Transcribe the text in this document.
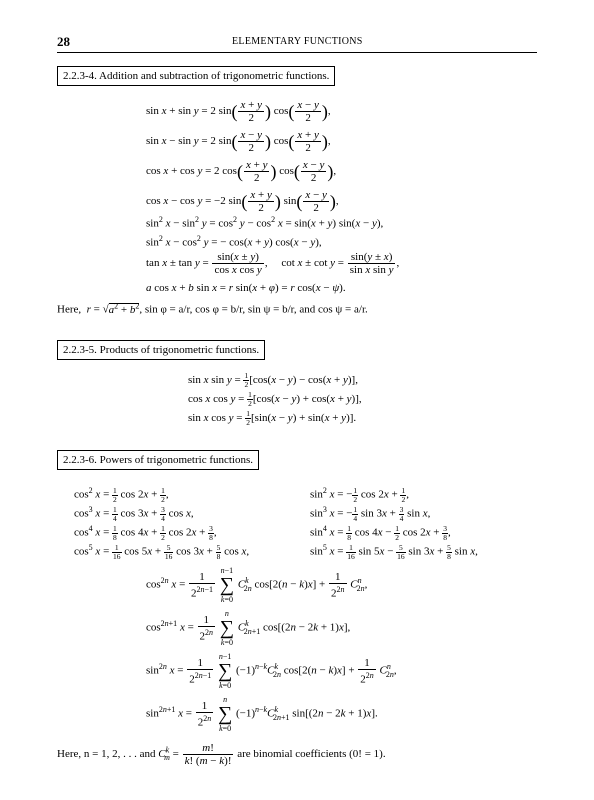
28	ELEMENTARY FUNCTIONS
2.2.3-4. Addition and subtraction of trigonometric functions.
sin x + sin y = 2 $\sin( \frac{x + y}{2}$ ) $\cos( \frac{x - y}{2}$ ),
sin x − sin y = 2 $\sin( \frac{x - y}{2}$ ) $\cos( \frac{x + y}{2}$ ),
cos x + cos y = 2 $\cos( \frac{x + y}{2}$ ) $\cos( \frac{x - y}{2}$ ),
cos x − cos y = −2 $\sin( \frac{x + y}{2}$ ) $\sin( \frac{x - y}{2}$ ),
$\sin^2 x - \sin^2 y = \cos^2 y - \cos^2 x = \sin(x + y) \sin(x - y)$,
$\sin^2 x - \cos^2 y$ = − cos(x + y) cos(x − y),
$\tan x \pm \tan y = \frac{\sin(x \pm y)}{\text{cos x cos y}}$ ,     $\cot x \pm \cot y = \frac{\sin(y \pm x)}{\text{sin x sin y}}$ ,
a cos x + b sin x = r sin(x + φ) = r cos(x − ψ).
Here, $r = √a^2 + b^2$, sin φ = a/r, cos φ = b/r, sin ψ = b/r, and cos ψ = a/r.
2.2.3-5. Products of trigonometric functions.
sin x $\sin y = \frac{1}{2} [\cos(x - y) - \cos(x + y)]$,
cos x $\cos y = \frac{1}{2} [\cos(x - y) + \cos(x + y)]$,
sin x $\cos y = \frac{1}{2} [\sin(x - y) + \sin(x + y)]$.
2.2.3-6. Powers of trigonometric functions.
$\cos^2 x = \frac{1}{2}$ $\cos 2x + \frac{1}{2}$ ,	$\sin^2 x$ = − $\frac{1}{2}$ $\cos 2x + \frac{1}{2}$ ,
$\cos^3 x = \frac{1}{4}$ $\cos 3x + \frac{3}{4}$ cos x,	$\sin^3 x$ = − $\frac{1}{4}$ $\sin 3x + \frac{3}{4}$ sin x,
$\cos^4 x = \frac{1}{8}$ $\cos 4x + \frac{1}{2}$ $\cos 2x + \frac{3}{8}$ ,	$\sin^4 x = \frac{1}{8}$ $\cos 4x - \frac{1}{2}$ $\cos 2x + \frac{3}{8}$ ,
$\cos^5 x = \frac{1}{16}$ $\cos 5x + \frac{5}{16}$ $\cos 3x + \frac{5}{8}$ cos x,	$\sin^5 x = \frac{1}{16}$ $\sin 5x - \frac{5}{16}$ $\sin 3x + \frac{5}{8}$ sin x,
$\cos^{2n} x = \frac{1}{2^{2n-1}}$
n−1
∑
k=0 $C^k_{2n}$ $\cos[2(n - k)x] + \frac{1}{2^{2n}} C^n_{2n}$,
$\cos^{2n+1} x = \frac{1}{2^{2n}}$
n
∑
k=0 $C^k_{2n+1}$ cos[(2n − 2k + 1)x],
$\sin^{2n} x = \frac{1}{2^{2n-1}}$
n−1
∑
k=0 $(-1)^{n-k}C^k_{2n}$ $\cos[2(n - k)x] + \frac{1}{2^{2n}} C^n_{2n}$,
$\sin^{2n+1} x = \frac{1}{2^{2n}}$
n
∑
k=0 $(-1)^{n-k}C^k_{2n+1}$ sin[(2n − 2k + 1)x].
Here, n = 1, 2, . . . and $C^k_m = \frac{m!}{k! (m - k)!}$ are binomial coefficients (0! = 1).
